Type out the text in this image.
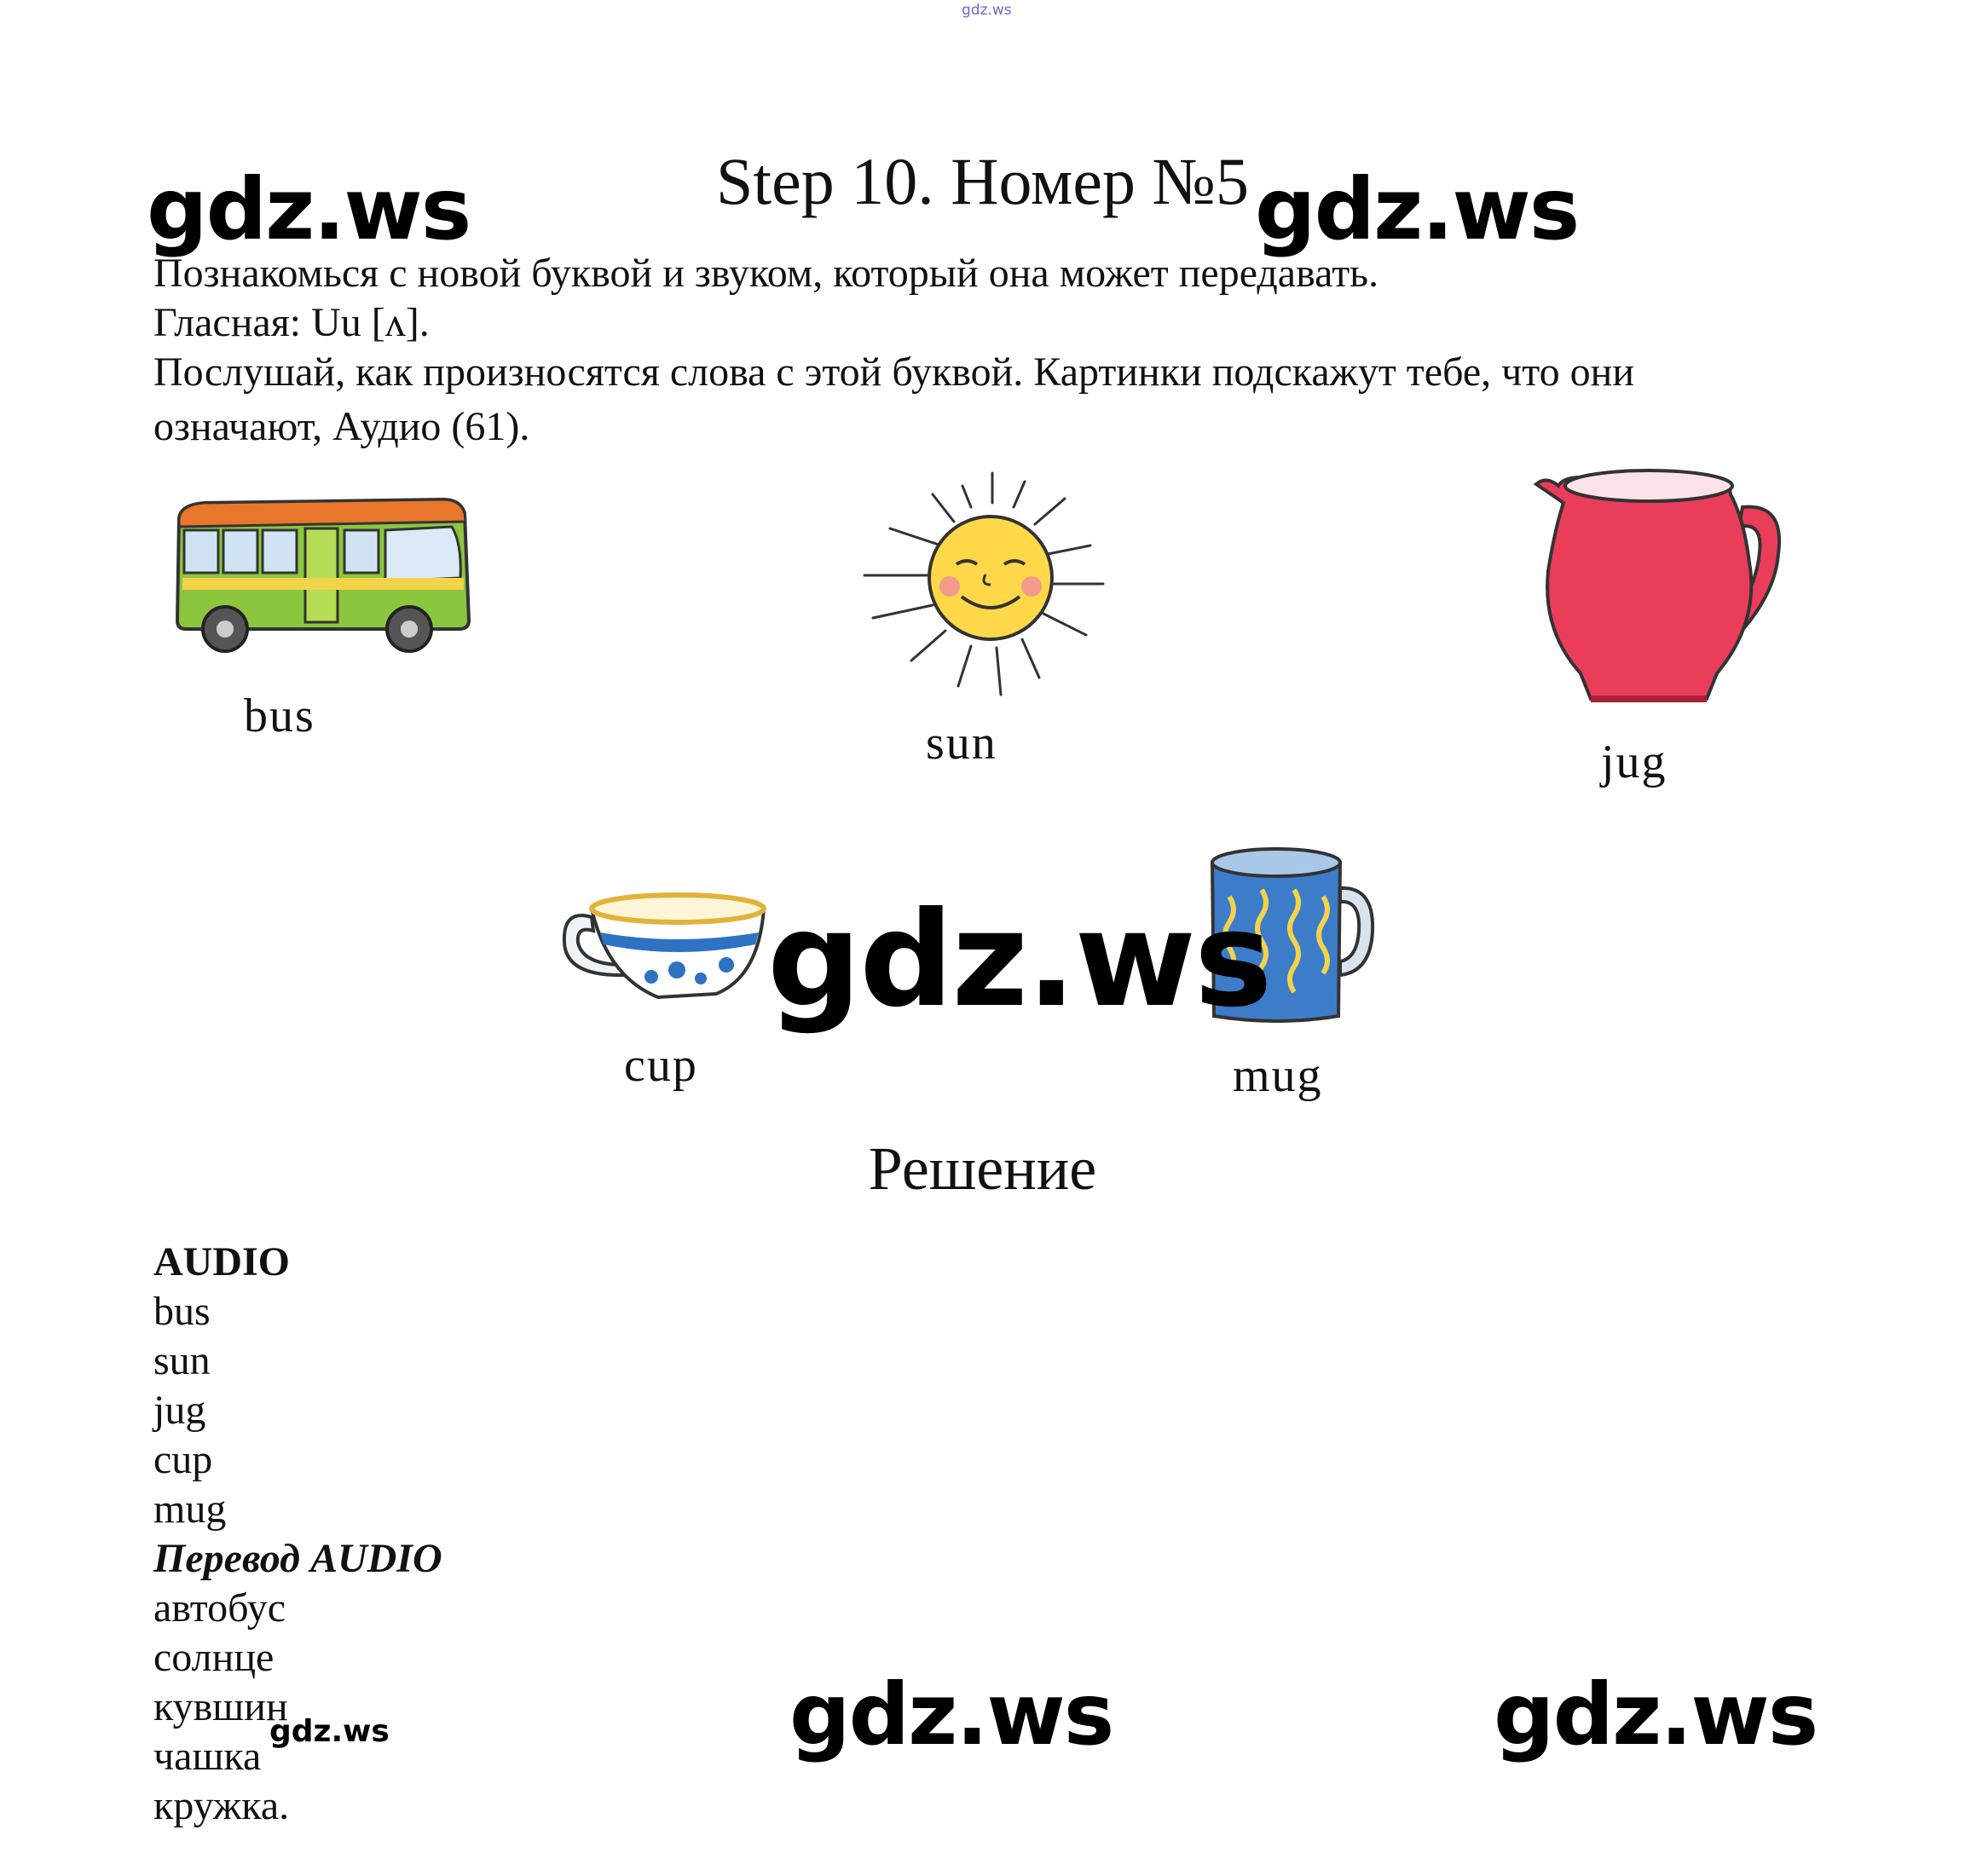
gdz.ws
Step 10. Номер №5
gdz.ws	gdz.ws
Познакомься с новой буквой и звуком, который она может передавать.
Гласная: Uu [ʌ].
Послушай, как произносятся слова с этой буквой. Картинки подскажут тебе, что они
означают, Аудио (61).
bus
sun	jug
cup	mug
gdz.ws
Решение
AUDIO
bus
sun
jug
cup
mug
Перевод AUDIO
автобус
солнце
кувшин
чашка
кружка.
gdz.ws	gdz.ws	gdz.ws
